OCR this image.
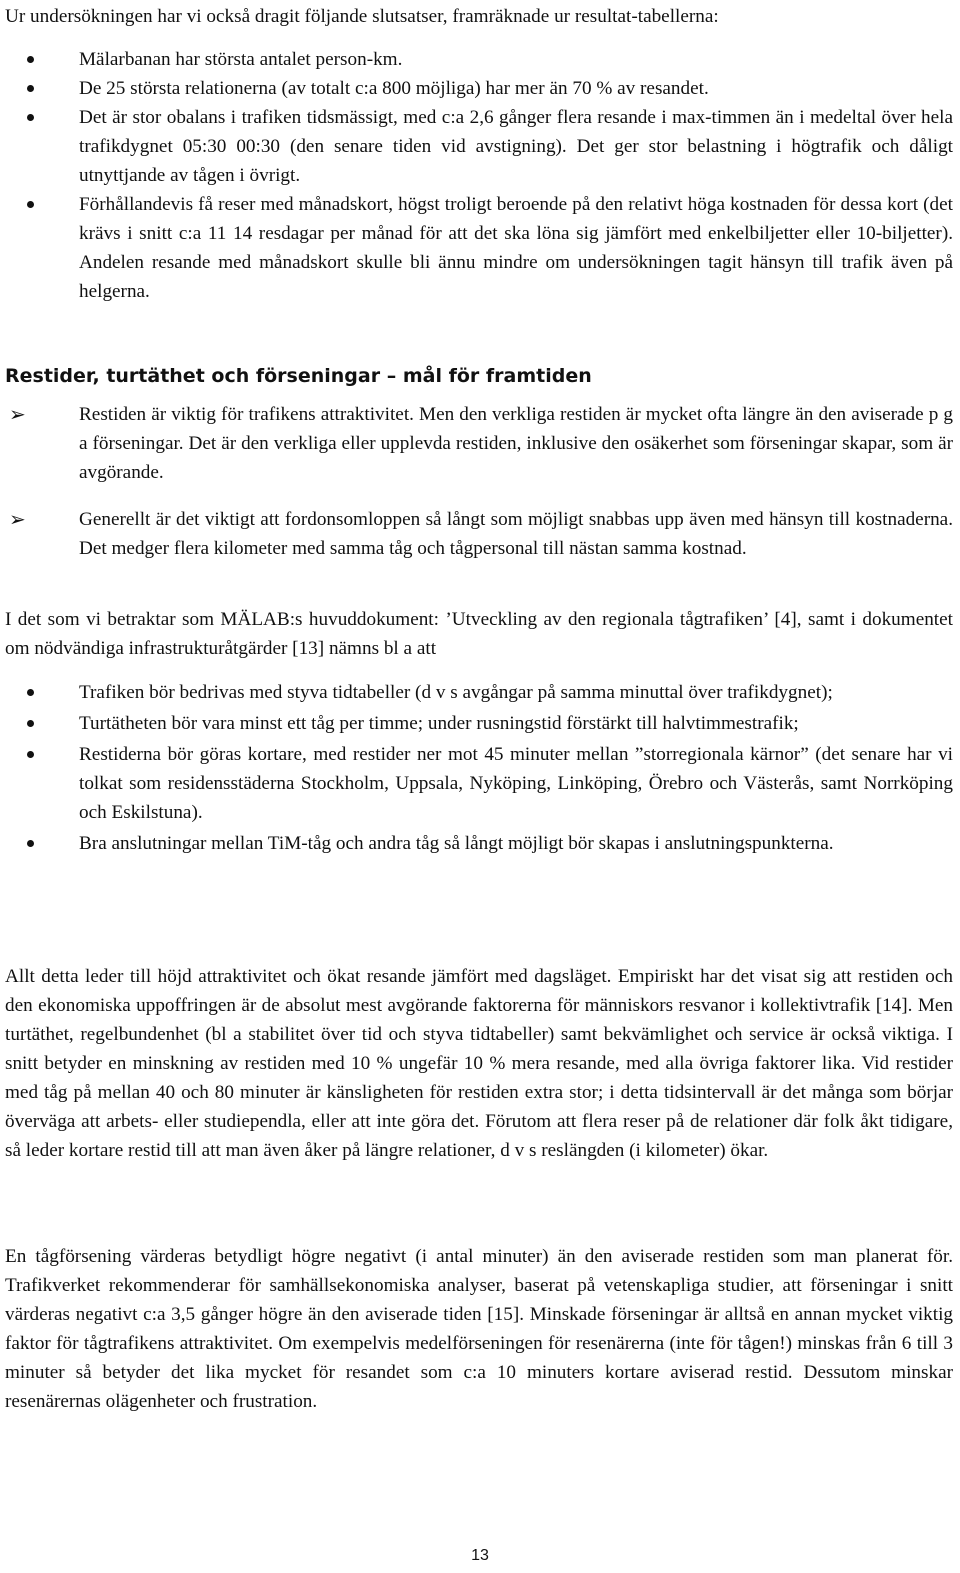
Ur undersökningen har vi också dragit följande slutsatser, framräknade ur resultat-tabellerna:

Mälarbanan har största antalet person-km.
De 25 största relationerna (av totalt c:a 800 möjliga) har mer än 70 % av resandet.
Det är stor obalans i trafiken tidsmässigt, med c:a 2,6 gånger flera resande i max-timmen än i medeltal över hela trafikdygnet 05:30 00:30 (den senare tiden vid avstigning). Det ger stor belastning i högtrafik och dåligt utnyttjande av tågen i övrigt.
Förhållandevis få reser med månadskort, högst troligt beroende på den relativt höga kostnaden för dessa kort (det krävs i snitt c:a 11 14 resdagar per månad för att det ska löna sig jämfört med enkelbiljetter eller 10-biljetter). Andelen resande med månadskort skulle bli ännu mindre om undersökningen tagit hänsyn till trafik även på helgerna.
Restider, turtäthet och förseningar – mål för framtiden
➢	Restiden är viktig för trafikens attraktivitet. Men den verkliga restiden är mycket ofta längre än den aviserade p g a förseningar. Det är den verkliga eller upplevda restiden, inklusive den osäkerhet som förseningar skapar, som är avgörande.
➢	Generellt är det viktigt att fordonsomloppen så långt som möjligt snabbas upp även med hänsyn till kostnaderna. Det medger flera kilometer med samma tåg och tågpersonal till nästan samma kostnad.

I det som vi betraktar som MÄLAB:s huvuddokument: ’Utveckling av den regionala tågtrafiken’ [4], samt i dokumentet om nödvändiga infrastrukturåtgärder [13] nämns bl a att

Trafiken bör bedrivas med styva tidtabeller (d v s avgångar på samma minuttal över trafikdygnet);
Turtätheten bör vara minst ett tåg per timme; under rusningstid förstärkt till halvtimmestrafik;
Restiderna bör göras kortare, med restider ner mot 45 minuter mellan ”storregionala kärnor” (det senare har vi tolkat som residensstäderna Stockholm, Uppsala, Nyköping, Linköping, Örebro och Västerås, samt Norrköping och Eskilstuna).
Bra anslutningar mellan TiM-tåg och andra tåg så långt möjligt bör skapas i anslutningspunkterna.

Allt detta leder till höjd attraktivitet och ökat resande jämfört med dagsläget. Empiriskt har det visat sig att restiden och den ekonomiska uppoffringen är de absolut mest avgörande faktorerna för människors resvanor i kollektivtrafik [14]. Men turtäthet, regelbundenhet (bl a stabilitet över tid och styva tidtabeller) samt bekvämlighet och service är också viktiga. I snitt betyder en minskning av restiden med 10 % ungefär 10 % mera resande, med alla övriga faktorer lika. Vid restider med tåg på mellan 40 och 80 minuter är känsligheten för restiden extra stor; i detta tidsintervall är det många som börjar överväga att arbets- eller studiependla, eller att inte göra det. Förutom att flera reser på de relationer där folk åkt tidigare, så leder kortare restid till att man även åker på längre relationer, d v s reslängden (i kilometer) ökar.

En tågförsening värderas betydligt högre negativt (i antal minuter) än den aviserade restiden som man planerat för. Trafikverket rekommenderar för samhällsekonomiska analyser, baserat på vetenskapliga studier, att förseningar i snitt värderas negativt c:a 3,5 gånger högre än den aviserade tiden [15]. Minskade förseningar är alltså en annan mycket viktig faktor för tågtrafikens attraktivitet. Om exempelvis medelförseningen för resenärerna (inte för tågen!) minskas från 6 till 3 minuter så betyder det lika mycket för resandet som c:a 10 minuters kortare aviserad restid. Dessutom minskar resenärernas olägenheter och frustration.

13
